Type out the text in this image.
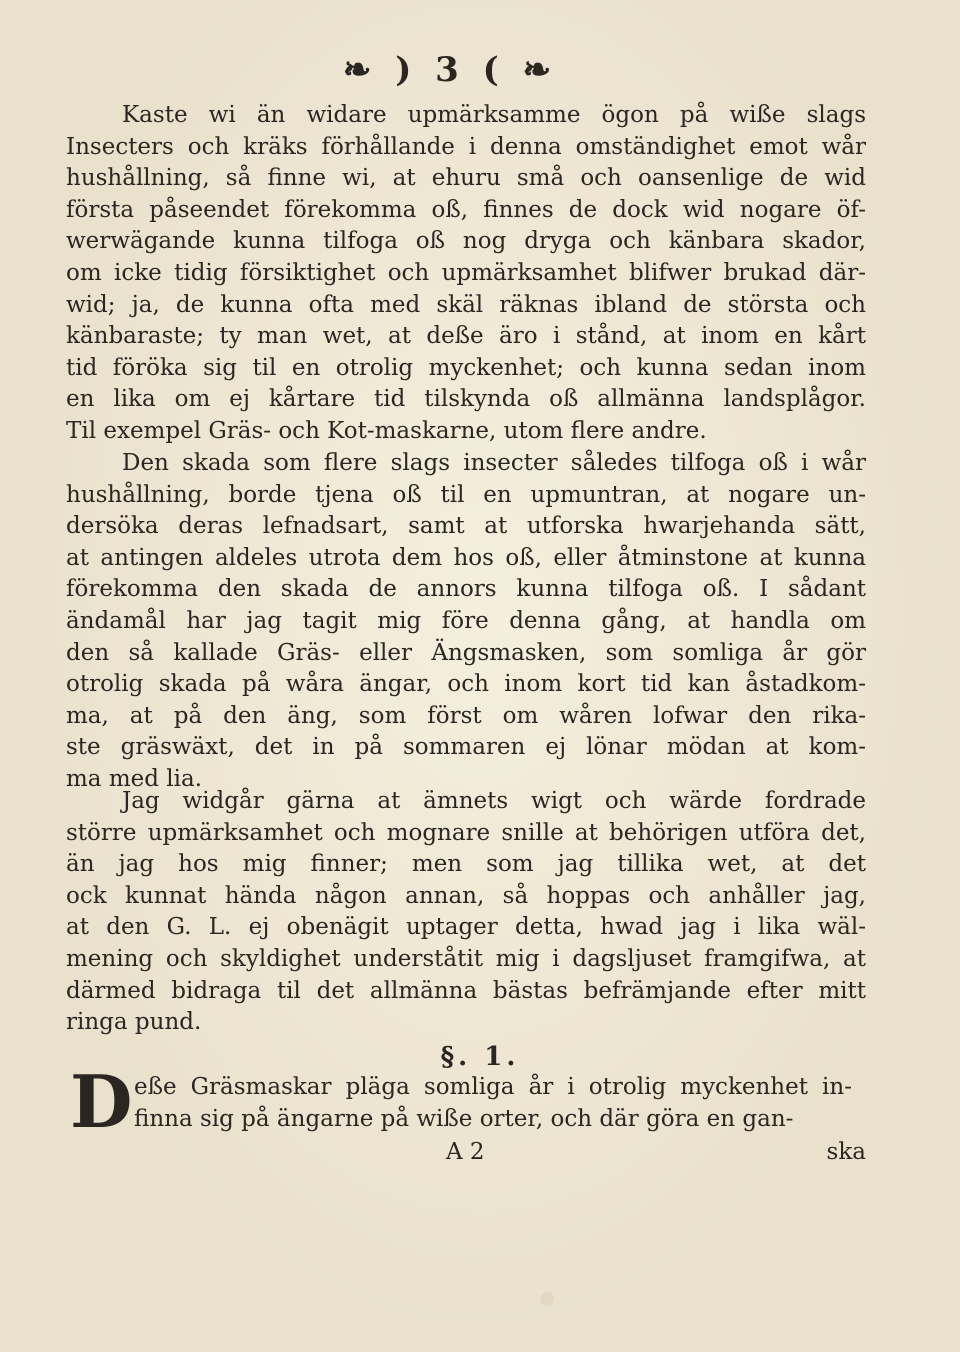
❧ ) 3 ( ❧
Kaste wi än widare upmärksamme ögon på wiße slags
Insecters och kräks förhållande i denna omständighet emot wår
hushållning, så finne wi, at ehuru små och oansenlige de wid
första påseendet förekomma oß, finnes de dock wid nogare öf-
werwägande kunna tilfoga oß nog dryga och känbara skador,
om icke tidig försiktighet och upmärksamhet blifwer brukad där-
wid; ja, de kunna ofta med skäl räknas ibland de största och
känbaraste; ty man wet, at deße äro i stånd, at inom en kårt
tid föröka sig til en otrolig myckenhet; och kunna sedan inom
en lika om ej kårtare tid tilskynda oß allmänna landsplågor.
Til exempel Gräs- och Kot-maskarne, utom flere andre.
Den skada som flere slags insecter således tilfoga oß i wår
hushållning, borde tjena oß til en upmuntran, at nogare un-
dersöka deras lefnadsart, samt at utforska hwarjehanda sätt,
at antingen aldeles utrota dem hos oß, eller åtminstone at kunna
förekomma den skada de annors kunna tilfoga oß. I sådant
ändamål har jag tagit mig före denna gång, at handla om
den så kallade Gräs- eller Ängsmasken, som somliga år gör
otrolig skada på wåra ängar, och inom kort tid kan åstadkom-
ma, at på den äng, som först om wåren lofwar den rika-
ste gräswäxt, det in på sommaren ej lönar mödan at kom-
ma med lia.
Jag widgår gärna at ämnets wigt och wärde fordrade
större upmärksamhet och mognare snille at behörigen utföra det,
än jag hos mig finner; men som jag tillika wet, at det
ock kunnat hända någon annan, så hoppas och anhåller jag,
at den G. L. ej obenägit uptager detta, hwad jag i lika wäl-
mening och skyldighet underståtit mig i dagsljuset framgifwa, at
därmed bidraga til det allmänna bästas befrämjande efter mitt
ringa pund.
§. 1.
D eße Gräsmaskar pläga somliga år i otrolig myckenhet in-
finna sig på ängarne på wiße orter, och där göra en gan-
A 2	ska
